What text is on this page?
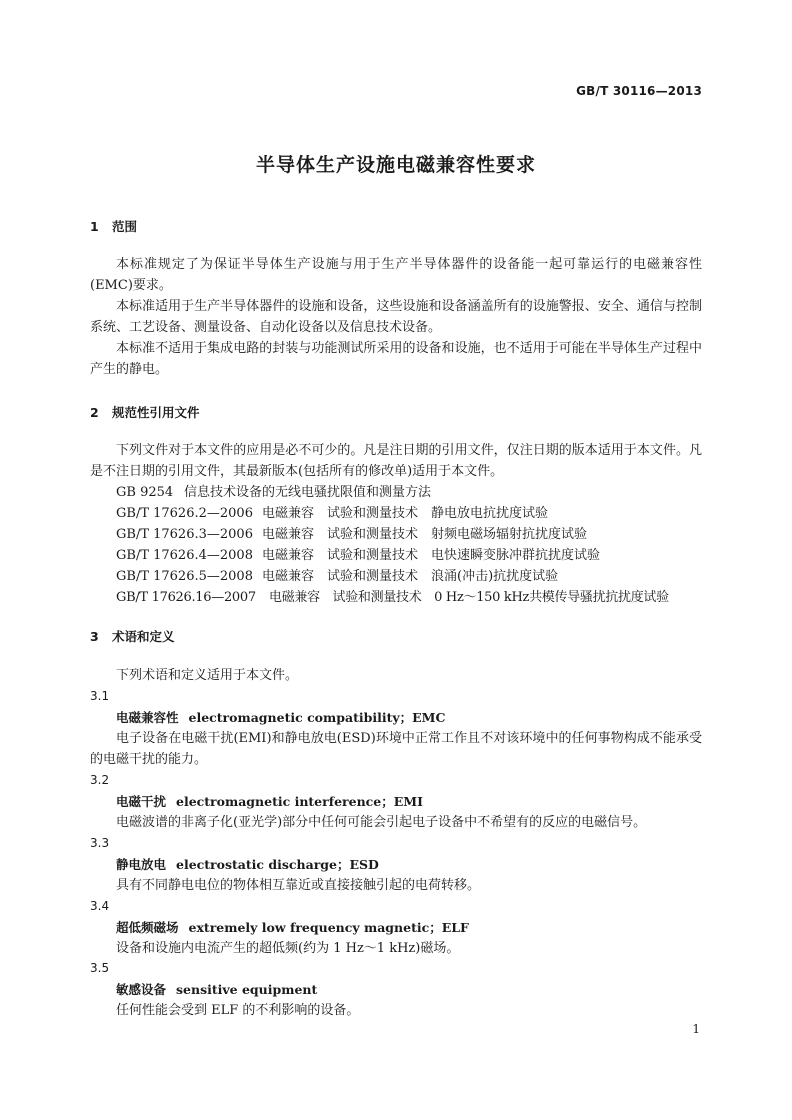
GB/T 30116—2013
半导体生产设施电磁兼容性要求
1 范围

本标准规定了为保证半导体生产设施与用于生产半导体器件的设备能一起可靠运行的电磁兼容性(EMC)要求。

本标准适用于生产半导体器件的设施和设备，这些设施和设备涵盖所有的设施警报、安全、通信与控制系统、工艺设备、测量设备、自动化设备以及信息技术设备。

本标准不适用于集成电路的封装与功能测试所采用的设备和设施，也不适用于可能在半导体生产过程中产生的静电。

2 规范性引用文件

下列文件对于本文件的应用是必不可少的。凡是注日期的引用文件，仅注日期的版本适用于本文件。凡是不注日期的引用文件，其最新版本(包括所有的修改单)适用于本文件。

GB 9254 信息技术设备的无线电骚扰限值和测量方法
GB/T 17626.2—2006 电磁兼容　试验和测量技术　静电放电抗扰度试验
GB/T 17626.3—2006 电磁兼容　试验和测量技术　射频电磁场辐射抗扰度试验
GB/T 17626.4—2008 电磁兼容　试验和测量技术　电快速瞬变脉冲群抗扰度试验
GB/T 17626.5—2008 电磁兼容　试验和测量技术　浪涌(冲击)抗扰度试验
GB/T 17626.16—2007 电磁兼容　试验和测量技术　0 Hz～150 kHz共模传导骚扰抗扰度试验
3 术语和定义

下列术语和定义适用于本文件。

3.1
电磁兼容性 electromagnetic compatibility；EMC
电子设备在电磁干扰(EMI)和静电放电(ESD)环境中正常工作且不对该环境中的任何事物构成不能承受的电磁干扰的能力。
3.2
电磁干扰 electromagnetic interference；EMI
电磁波谱的非离子化(亚光学)部分中任何可能会引起电子设备中不希望有的反应的电磁信号。
3.3
静电放电 electrostatic discharge；ESD
具有不同静电电位的物体相互靠近或直接接触引起的电荷转移。
3.4
超低频磁场 extremely low frequency magnetic；ELF
设备和设施内电流产生的超低频(约为 1 Hz～1 kHz)磁场。
3.5
敏感设备 sensitive equipment
任何性能会受到 ELF 的不利影响的设备。
1
